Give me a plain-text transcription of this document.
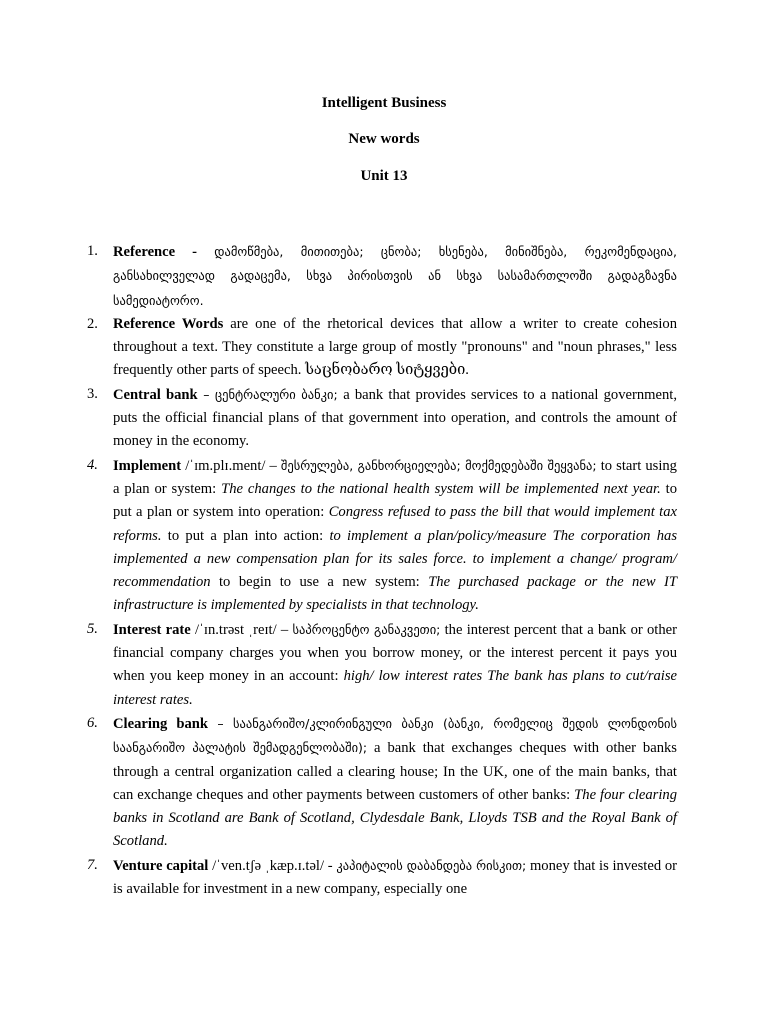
Intelligent Business
New words
Unit 13
1. Reference - დამოწმება, მითითება; ცნობა; ხსენება, მინიშნება, რეკომენდაცია, განსახილველად გადაცემა, სხვა პირისთვის ან სხვა სასამართლოში გადაგზავნა სამედიატორო.
2. Reference Words are one of the rhetorical devices that allow a writer to create cohesion throughout a text. They constitute a large group of mostly "pronouns" and "noun phrases," less frequently other parts of speech. საცნობარო სიტყვები.
3. Central bank – ცენტრალური ბანკი; a bank that provides services to a national government, puts the official financial plans of that government into operation, and controls the amount of money in the economy.
4. Implement /ˈɪm.plɪ.ment/ – შესრულება, განხორციელება; მოქმედებაში შეყვანა; to start using a plan or system: The changes to the national health system will be implemented next year. to put a plan or system into operation: Congress refused to pass the bill that would implement tax reforms. to put a plan into action: to implement a plan/policy/measure The corporation has implemented a new compensation plan for its sales force. to implement a change/ program/ recommendation to begin to use a new system: The purchased package or the new IT infrastructure is implemented by specialists in that technology.
5. Interest rate /ˈɪn.trəst ˌreɪt/ – საპროცენტო განაკვეთი; the interest percent that a bank or other financial company charges you when you borrow money, or the interest percent it pays you when you keep money in an account: high/ low interest rates The bank has plans to cut/raise interest rates.
6. Clearing bank – საანგარიშო/კლირინგული ბანკი (ბანკი, რომელიც შედის ლონდონის საანგარიშო პალატის შემადგენლობაში); a bank that exchanges cheques with other banks through a central organization called a clearing house; In the UK, one of the main banks, that can exchange cheques and other payments between customers of other banks: The four clearing banks in Scotland are Bank of Scotland, Clydesdale Bank, Lloyds TSB and the Royal Bank of Scotland.
7. Venture capital /ˈven.tʃə ˌkæp.ɪ.təl/ - კაპიტალის დაბანდება რისკით; money that is invested or is available for investment in a new company, especially one
